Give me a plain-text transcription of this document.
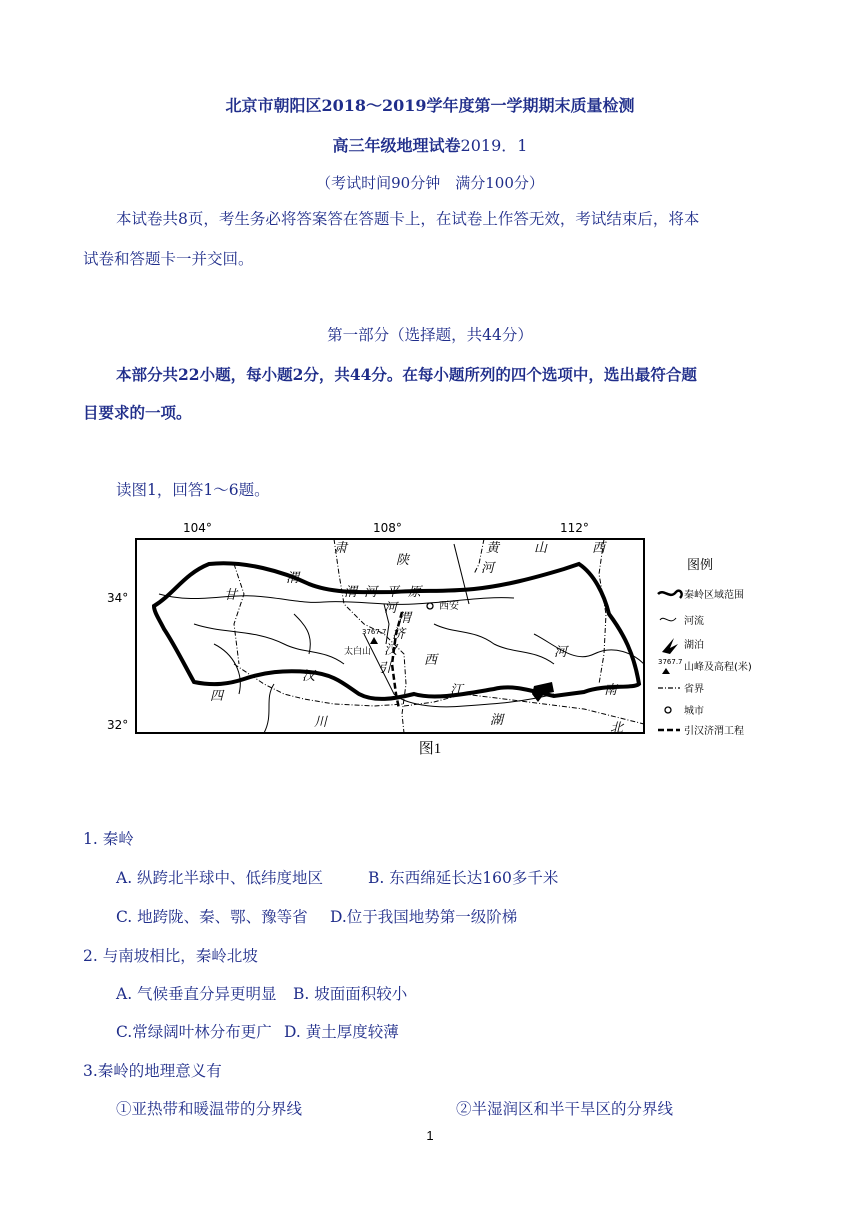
北京市朝阳区2018～2019学年度第一学期期末质量检测
高三年级地理试卷2019．1
（考试时间90分钟　满分100分）
本试卷共8页，考生务必将答案答在答题卡上，在试卷上作答无效，考试结束后，将本
试卷和答题卡一并交回。
第一部分（选择题，共44分）
本部分共22小题，每小题2分，共44分。在每小题所列的四个选项中，选出最符合题
目要求的一项。
读图1，回答1～6题。
西安
3767.7
太白山
甘
肃
陕
黄
河
山	西
渭
渭 河 平 原
河
渭
济
汉
引
西
汉
江
河
南
四
川	湖
北
图例
秦岭区域范围
河流
湖泊
3767.7 山峰及高程(米)
省界
城市
引汉济渭工程
104°	108°	112°
34°
32°
图1
1. 秦岭
A. 纵跨北半球中、低纬度地区	B. 东西绵延长达160多千米
C. 地跨陇、秦、鄂、豫等省 D.位于我国地势第一级阶梯
2. 与南坡相比，秦岭北坡
A. 气候垂直分异更明显 B. 坡面面积较小
C.常绿阔叶林分布更广 D. 黄土厚度较薄
3.秦岭的地理意义有
①亚热带和暖温带的分界线	②半湿润区和半干旱区的分界线
1
